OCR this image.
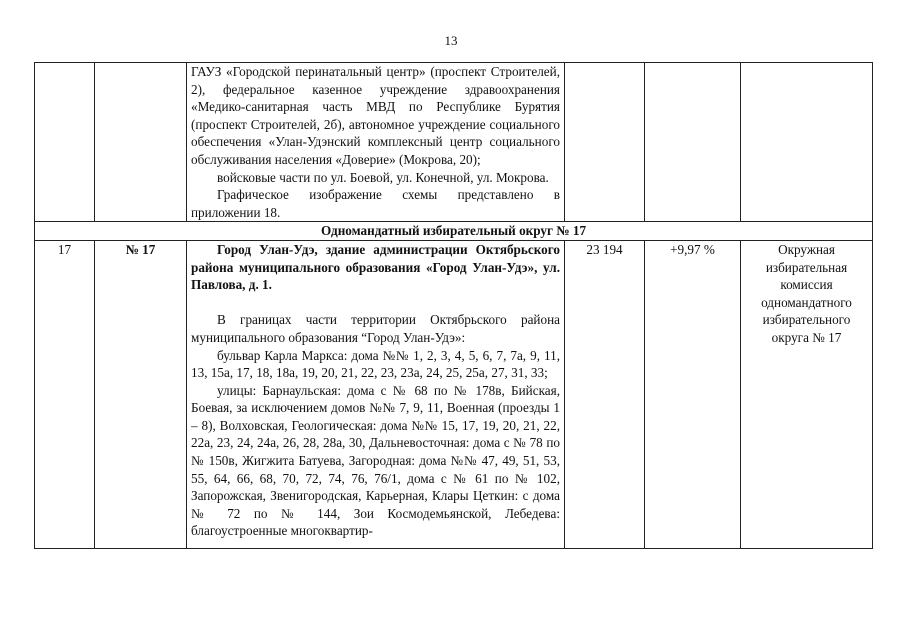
13

		ГАУЗ «Городской перинатальный центр» (проспект Строителей, 2), федеральное казенное учреждение здравоохранения «Медико-санитарная часть МВД по Республике Бурятия (проспект Строителей, 2б), автономное учреждение социального обеспечения «Улан-Удэнский комплексный центр социального обслуживания населения «Доверие» (Мокрова, 20);

войсковые части по ул. Боевой, ул. Конечной, ул. Мокрова.

Графическое изображение схемы представлено в приложении 18.			

Одномандатный избирательный округ № 17					
17	№ 17	Город Улан-Удэ, здание администрации Октябрьского района муниципального образования «Город Улан-Удэ», ул. Павлова, д. 1.

В границах части территории Октябрьского района муниципального образования “Город Улан-Удэ»:

бульвар Карла Маркса: дома №№ 1, 2, 3, 4, 5, 6, 7, 7а, 9, 11, 13, 15а, 17, 18, 18а, 19, 20, 21, 22, 23, 23а, 24, 25, 25а, 27, 31, 33;

улицы: Барнаульская: дома с № 68 по № 178в, Бийская, Боевая, за исключением домов №№ 7, 9, 11, Военная (проезды 1 – 8), Волховская, Геологическая: дома №№ 15, 17, 19, 20, 21, 22, 22а, 23, 24, 24а, 26, 28, 28а, 30, Дальневосточная: дома с № 78 по № 150в, Жигжита Батуева, Загородная: дома №№ 47, 49, 51, 53, 55, 64, 66, 68, 70, 72, 74, 76, 76/1, дома с № 61 по № 102, Запорожская, Звенигородская, Карьерная, Клары Цеткин: с дома № 72 по № 144, Зои Космодемьянской, Лебедева: благоустроенные многоквартир-	23 194	+9,97 %	Окружная избирательная комиссия одномандатного избирательного округа № 17
